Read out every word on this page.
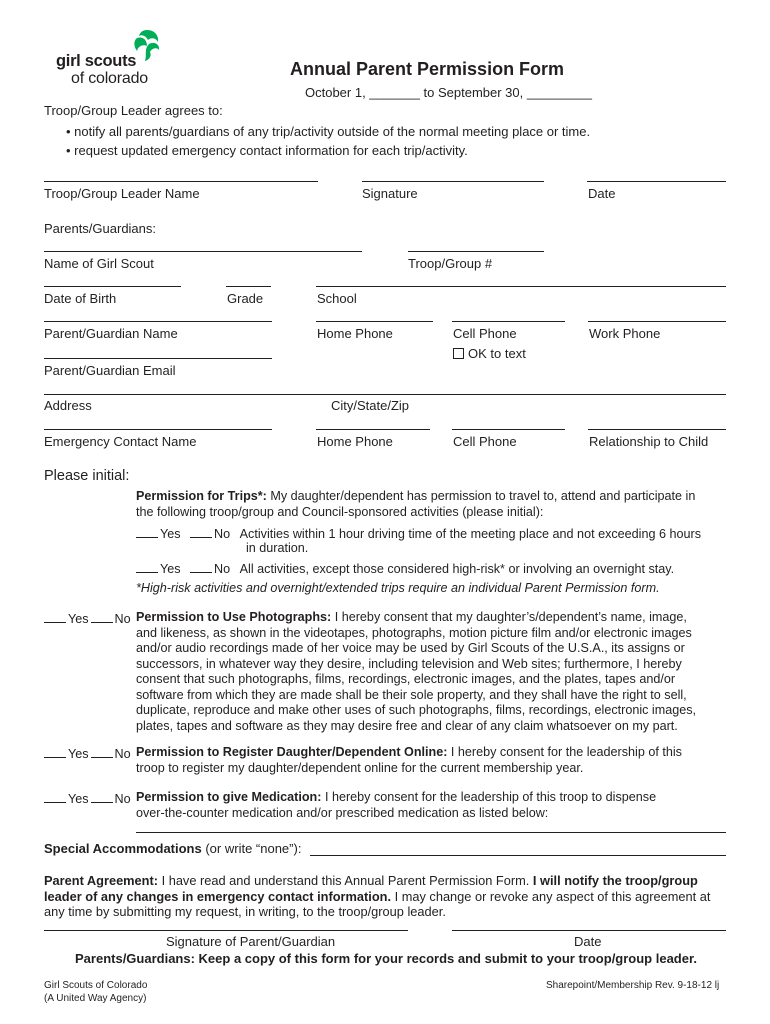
girl scouts
of colorado	Annual Parent Permission Form
October 1, _______ to September 30, _________
Troop/Group Leader agrees to:
• notify all parents/guardians of any trip/activity outside of the normal meeting place or time.
• request updated emergency contact information for each trip/activity.
Troop/Group Leader Name	Signature	Date
Parents/Guardians:
Name of Girl Scout	Troop/Group #
Date of Birth	Grade	School
Parent/Guardian Name	Home Phone	Cell Phone	Work Phone
OK to text
Parent/Guardian Email
Address	City/State/Zip
Emergency Contact Name	Home Phone	Cell Phone	Relationship to Child
Please initial:
Permission for Trips*: My daughter/dependent has permission to travel to, attend and participate in
the following troop/group and Council-sponsored activities (please initial):
Yes	No Activities within 1 hour driving time of the meeting place and not exceeding 6 hours
in duration.
Yes	No All activities, except those considered high-risk* or involving an overnight stay.
*High-risk activities and overnight/extended trips require an individual Parent Permission form.
Yes No Permission to Use Photographs: I hereby consent that my daughter’s/dependent’s name, image,
and likeness, as shown in the videotapes, photographs, motion picture film and/or electronic images
and/or audio recordings made of her voice may be used by Girl Scouts of the U.S.A., its assigns or
successors, in whatever way they desire, including television and Web sites; furthermore, I hereby
consent that such photographs, films, recordings, electronic images, and the plates, tapes and/or
software from which they are made shall be their sole property, and they shall have the right to sell,
duplicate, reproduce and make other uses of such photographs, films, recordings, electronic images,
plates, tapes and software as they may desire free and clear of any claim whatsoever on my part.
Yes No Permission to Register Daughter/Dependent Online: I hereby consent for the leadership of this
troop to register my daughter/dependent online for the current membership year.
Yes No Permission to give Medication: I hereby consent for the leadership of this troop to dispense
over-the-counter medication and/or prescribed medication as listed below:
Special Accommodations (or write “none”):
Parent Agreement: I have read and understand this Annual Parent Permission Form. I will notify the troop/group
leader of any changes in emergency contact information. I may change or revoke any aspect of this agreement at
any time by submitting my request, in writing, to the troop/group leader.
Signature of Parent/Guardian	Date
Parents/Guardians: Keep a copy of this form for your records and submit to your troop/group leader.
Girl Scouts of Colorado
(A United Way Agency)
Sharepoint/Membership Rev. 9-18-12 lj
